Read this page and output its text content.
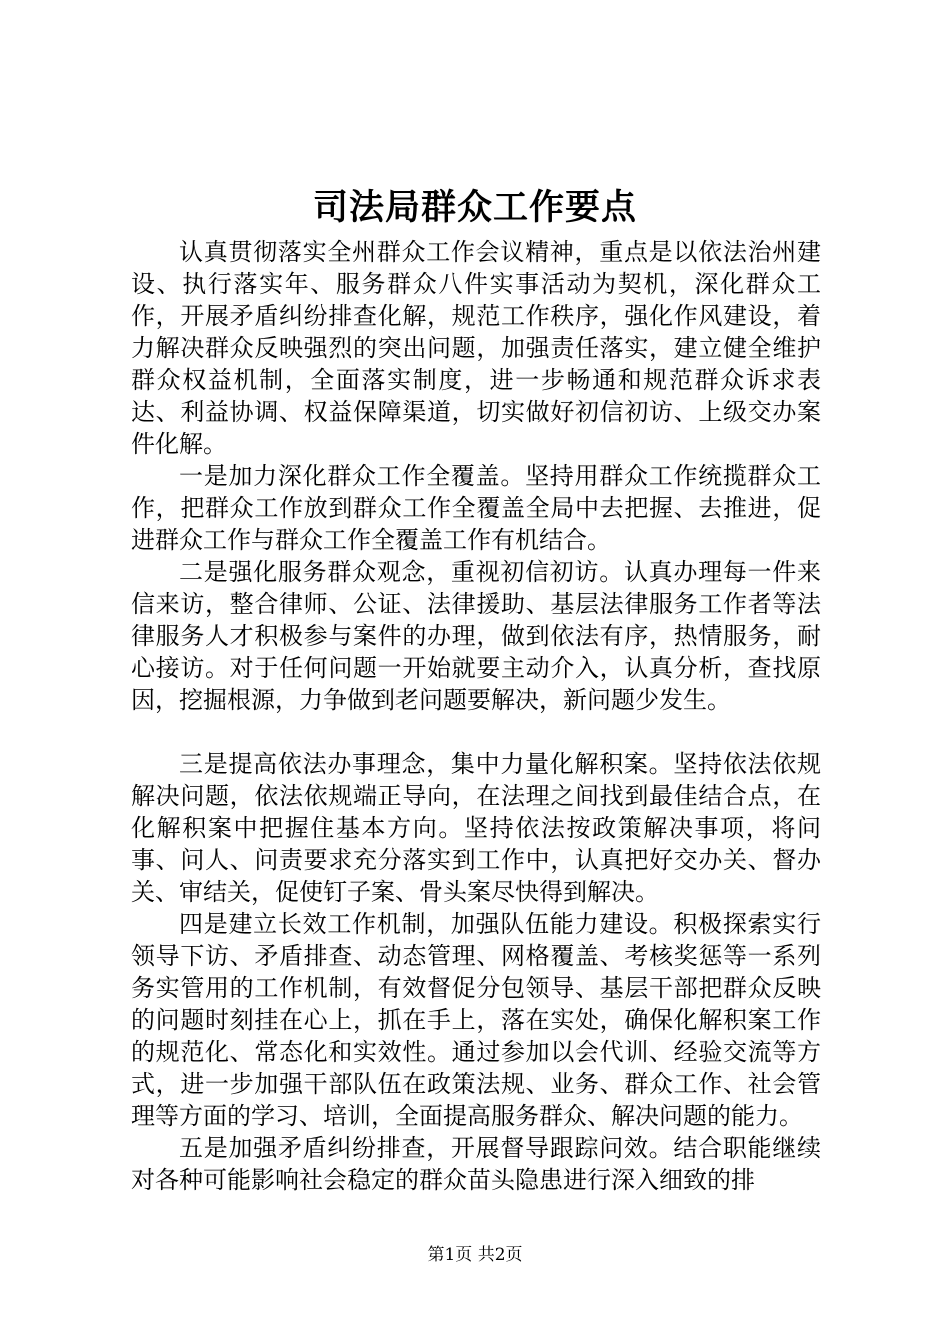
司法局群众工作要点

认真贯彻落实全州群众工作会议精神，重点是以依法治州建设、执行落实年、服务群众八件实事活动为契机，深化群众工作，开展矛盾纠纷排查化解，规范工作秩序，强化作风建设，着力解决群众反映强烈的突出问题，加强责任落实，建立健全维护群众权益机制，全面落实制度，进一步畅通和规范群众诉求表达、利益协调、权益保障渠道，切实做好初信初访、上级交办案件化解。

一是加力深化群众工作全覆盖。坚持用群众工作统揽群众工作，把群众工作放到群众工作全覆盖全局中去把握、去推进，促进群众工作与群众工作全覆盖工作有机结合。

二是强化服务群众观念，重视初信初访。认真办理每一件来信来访，整合律师、公证、法律援助、基层法律服务工作者等法律服务人才积极参与案件的办理，做到依法有序，热情服务，耐心接访。对于任何问题一开始就要主动介入，认真分析，查找原因，挖掘根源，力争做到老问题要解决，新问题少发生。

三是提高依法办事理念，集中力量化解积案。坚持依法依规解决问题，依法依规端正导向，在法理之间找到最佳结合点，在化解积案中把握住基本方向。坚持依法按政策解决事项，将问事、问人、问责要求充分落实到工作中，认真把好交办关、督办关、审结关，促使钉子案、骨头案尽快得到解决。

四是建立长效工作机制，加强队伍能力建设。积极探索实行领导下访、矛盾排查、动态管理、网格覆盖、考核奖惩等一系列务实管用的工作机制，有效督促分包领导、基层干部把群众反映的问题时刻挂在心上，抓在手上，落在实处，确保化解积案工作的规范化、常态化和实效性。通过参加以会代训、经验交流等方式，进一步加强干部队伍在政策法规、业务、群众工作、社会管理等方面的学习、培训，全面提高服务群众、解决问题的能力。

五是加强矛盾纠纷排查，开展督导跟踪问效。结合职能继续对各种可能影响社会稳定的群众苗头隐患进行深入细致的排

第1页 共2页
